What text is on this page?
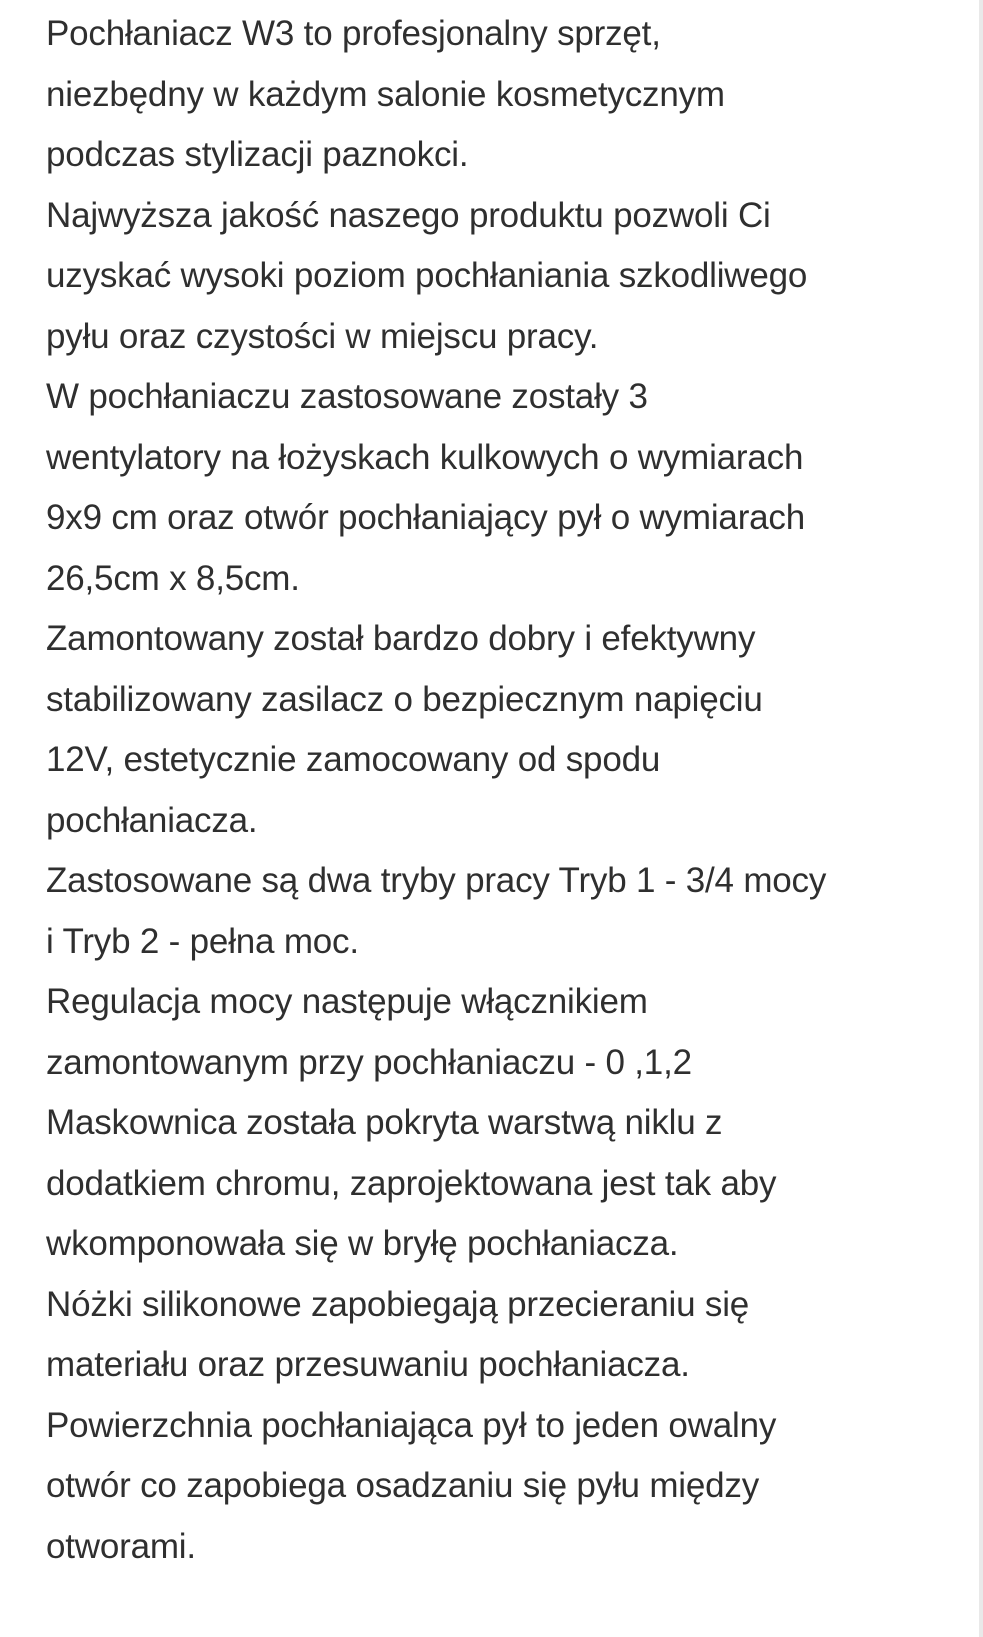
Pochłaniacz W3 to profesjonalny sprzęt,
niezbędny w każdym salonie kosmetycznym
podczas stylizacji paznokci.
Najwyższa jakość naszego produktu pozwoli Ci
uzyskać wysoki poziom pochłaniania szkodliwego
pyłu oraz czystości w miejscu pracy.
W pochłaniaczu zastosowane zostały 3
wentylatory na łożyskach kulkowych o wymiarach
9x9 cm oraz otwór pochłaniający pył o wymiarach
26,5cm x 8,5cm.
Zamontowany został bardzo dobry i efektywny
stabilizowany zasilacz o bezpiecznym napięciu
12V, estetycznie zamocowany od spodu
pochłaniacza.
Zastosowane są dwa tryby pracy Tryb 1 - 3/4 mocy
i Tryb 2 - pełna moc.
Regulacja mocy następuje włącznikiem
zamontowanym przy pochłaniaczu - 0 ,1,2
Maskownica została pokryta warstwą niklu z
dodatkiem chromu, zaprojektowana jest tak aby
wkomponowała się w bryłę pochłaniacza.
Nóżki silikonowe zapobiegają przecieraniu się
materiału oraz przesuwaniu pochłaniacza.
Powierzchnia pochłaniająca pył to jeden owalny
otwór co zapobiega osadzaniu się pyłu między
otworami.
